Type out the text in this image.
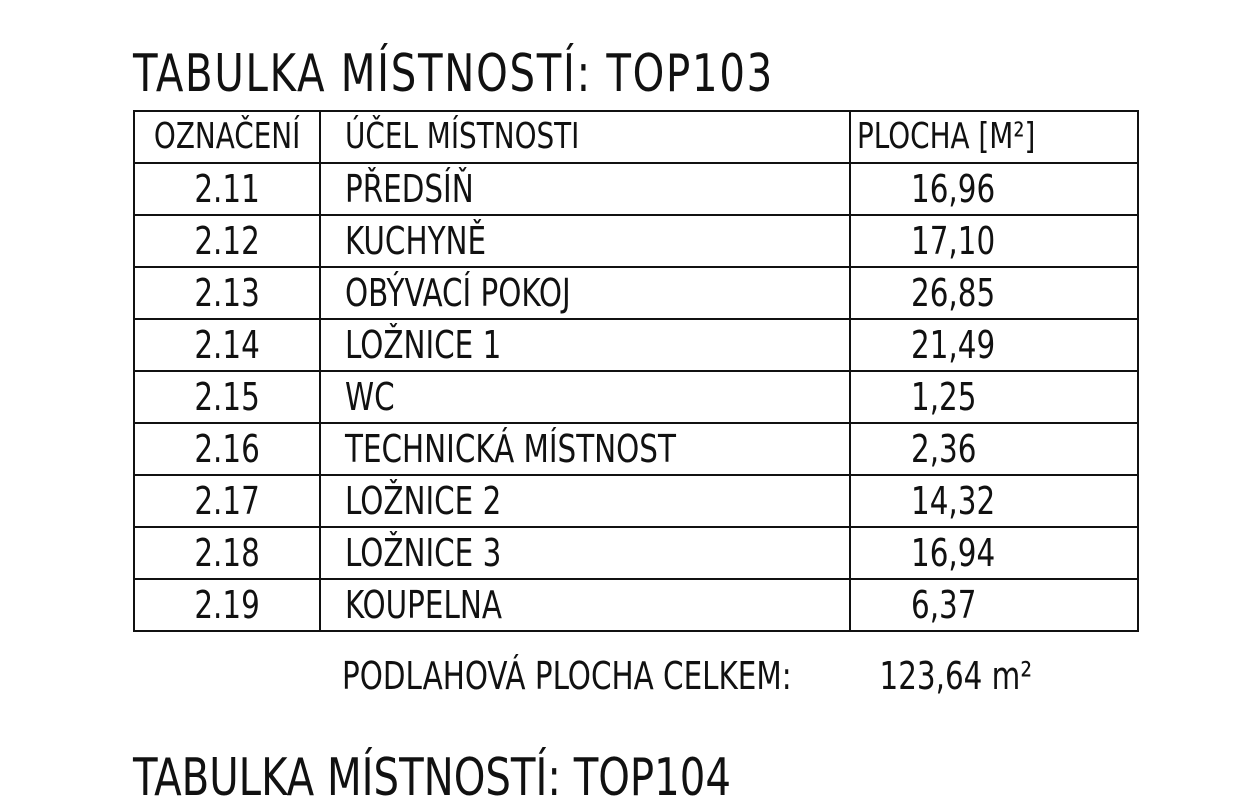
TABULKA MÍSTNOSTÍ: TOP103
OZNAČENÍ	ÚČEL MÍSTNOSTI	PLOCHA [M²]
2.11	PŘEDSÍŇ	16,96
2.12	KUCHYNĚ	17,10
2.13	OBÝVACÍ POKOJ	26,85
2.14	LOŽNICE 1	21,49
2.15	WC	1,25
2.16	TECHNICKÁ MÍSTNOST	2,36
2.17	LOŽNICE 2	14,32
2.18	LOŽNICE 3	16,94
2.19	KOUPELNA	6,37
PODLAHOVÁ PLOCHA CELKEM: 123,64 m²
TABULKA MÍSTNOSTÍ: TOP104
